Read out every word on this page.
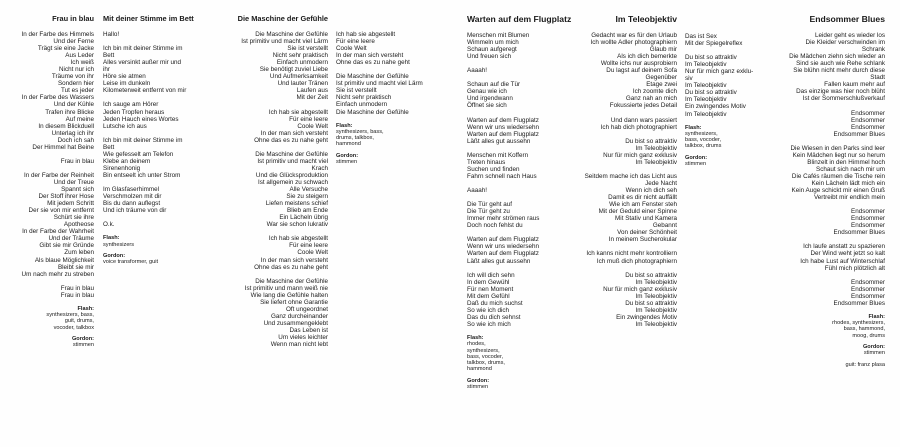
Frau in blau

In der Farbe des Himmels

Und der Ferne

Trägt sie eine Jacke

Aus Leder

Ich weiß

Nicht nur ich

Träume von ihr

Sondern hier

Tut es jeder

In der Farbe des Wassers

Und der Kühle

Trafen ihre Blicke

Auf meine

In diesem Blickduell

Unterlag ich ihr

Doch ich sah

Der Himmel hat Beine

Frau in blau

In der Farbe der Reinheit

Und der Treue

Spannt sich

Der Stoff ihrer Hose

Mit jedem Schritt

Der sie von mir entfernt

Schürt sie ihre

Apotheose

In der Farbe der Wahrheit

Und der Träume

Gibt sie mir Gründe

Zum leben

Als blaue Möglichkeit

Bleibt sie mir

Um nach mehr zu streben

Frau in blau

Frau in blau

Flash:
synthesizers, bass, guit, drums, vocoder, talkbox
Gordon:
stimmen
Mit deiner Stimme im Bett

Hallo!

Ich bin mit deiner Stimme im

Bett

Alles versinkt außer mir und

ihr

Höre sie atmen

Leise im dunkeln

Kilometerweit entfernt von mir

Ich sauge am Hörer

Jeden Tropfen heraus

Jeden Hauch eines Wortes

Lutsche ich aus

Ich bin mit deiner Stimme im

Bett

Wie gefesselt am Telefon

Klebe an deinem

Sirenenhonig

Bin entseelt ich unter Strom

Im Glasfaserhimmel

Verschmolzen mit dir

Bis du dann auflegst

Und ich träume von dir

O.k.

Flash:
synthesizers
Gordon:
voice transformer, guit
Die Maschine der Gefühle

Die Maschine der Gefühle

Ist primitiv und macht viel Lärm

Sie ist verstellt

Nicht sehr praktisch

Einfach unmodern

Sie benötigt zuviel Liebe

Und Aufmerksamkeit

Und lauter Tränen

Laufen aus

Mit der Zeit

Ich hab sie abgestellt

Für eine leere

Coole Welt

In der man sich versteht

Ohne das es zu nahe geht

Die Maschine der Gefühle

Ist primitiv und macht viel

Krach

Und die Glücksproduktion

Ist allgemein zu schwach

Alle Versuche

Sie zu steigern

Liefen meistens schief

Blieb am Ende

Ein Lächeln übrig

War sie schon lukrativ

Ich hab sie abgestellt

Für eine leere

Coole Welt

In der man sich versteht

Ohne das es zu nahe geht

Die Maschine der Gefühle

Ist primitiv und mann weiß nie

Wie lang die Gefühle halten

Sie liefert ohne Garantie

Oft ungeordnet

Ganz durcheinander

Und zusammengeklebt

Das Leben ist

Um vieles leichter

Wenn man nicht lebt

Ich hab sie abgestellt

Für eine leere

Coole Welt

In der man sich versteht

Ohne das es zu nahe geht

Die Maschine der Gefühle

Ist primitiv und macht viel Lärm

Sie ist verstellt

Nicht sehr praktisch

Einfach unmodern

Die Maschine der Gefühle

Flash:
synthesizers, bass, drums, talkbox, hammond
Gordon:
stimmen
Warten auf dem Flugplatz

Menschen mit Blumen

Wimmeln um mich

Schaun aufgeregt

Und freuen sich

Aaaah!

Schaun auf die Tür

Genau wie ich

Und irgendwann

Öffnet sie sich

Warten auf dem Flugplatz

Wenn wir uns wiedersehn

Warten auf dem Flugplatz

Läßt alles gut aussehn

Menschen mit Koffern

Treten hinaus

Suchen und finden

Fahrn schnell nach Haus

Aaaah!

Die Tür geht auf

Die Tür geht zu

Immer mehr strömen raus

Doch noch fehlst du

Warten auf dem Flugplatz

Wenn wir uns wiedersehn

Warten auf dem Flugplatz

Läßt alles gut aussehn

Ich will dich sehn

In dem Gewühl

Für nen Moment

Mit dem Gefühl

Daß du mich suchst

So wie ich dich

Das du dich sehnst

So wie ich mich

Flash:
rhodes, synthesizers, bass, vocoder, talkbox, drums, hammond
Gordon:
stimmen
Im Teleobjektiv

Gedacht war es für den Urlaub

Ich wollte Adler photographiern

Glaub mir

Als ich dich bemerkte

Wollte ichs nur ausprobiern

Du lagst auf deinem Sofa

Gegenüber

Etage zwei

Ich zoomte dich

Ganz nah an mich

Fokussierte jedes Detail

Und dann wars passiert

Ich hab dich photographiert

Du bist so attraktiv

Im Teleobjektiv

Nur für mich ganz exklusiv

Im Teleobjektiv

Seitdem mache ich das Licht aus

Jede Nacht

Wenn ich dich seh

Damit es dir nicht auffällt

Wie ich am Fenster steh

Mit der Geduld einer Spinne

Mit Stativ und Kamera

Gebannt

Von deiner Schönheit

In meinem Sucherokular

Ich kanns nicht mehr kontrolliern

Ich muß dich photographiern

Du bist so attraktiv

Im Teleobjektiv

Nur für mich ganz exklusiv

Im Teleobjektiv

Du bist so attraktiv

Im Teleobjektiv

Ein zwingendes Motiv

Im Teleobjektiv

Das ist Sex

Mit der Spiegelreflex

Du bist so attraktiv

Im Teleobjektiv

Nur für mich ganz exklu-

siv

Im Teleobjektiv

Du bist so attraktiv

Im Teleobjektiv

Ein zwingendes Motiv

Im Teleobjektiv

Flash:
synthesizers, bass, vocoder, talkbox, drums
Gordon:
stimmen
Endsommer Blues

Leider geht es wieder los

Die Kleider verschwinden im

Schrank

Die Mädchen ziehn sich wieder an

Sind sie auch wie Rehe schlank

Sie blühn nicht mehr durch diese

Stadt

Fallen kaum mehr auf

Das einzige was hier noch blüht

Ist der Sommerschlußverkauf

Endsommer

Endsommer

Endsommer

Endsommer Blues

Die Wiesen in den Parks sind leer

Kein Mädchen liegt nur so herum

Blinzelt in den Himmel hoch

Schaut sich nach mir um

Die Cafés räumen die Tische rein

Kein Lächeln lädt mich ein

Kein Auge schickt mir einen Gruß

Vertreibt mir endlich mein

Endsommer

Endsommer

Endsommer

Endsommer Blues

Ich laufe anstatt zu spazieren

Der Wind weht jetzt so kalt

Ich habe Lust auf Winterschlaf

Fühl mich plötzlich alt

Endsommer

Endsommer

Endsommer

Endsommer Blues

Flash:
rhodes, synthesizers, bass, hammond, moog, drums
Gordon:
stimmen
guit: franz plasa
